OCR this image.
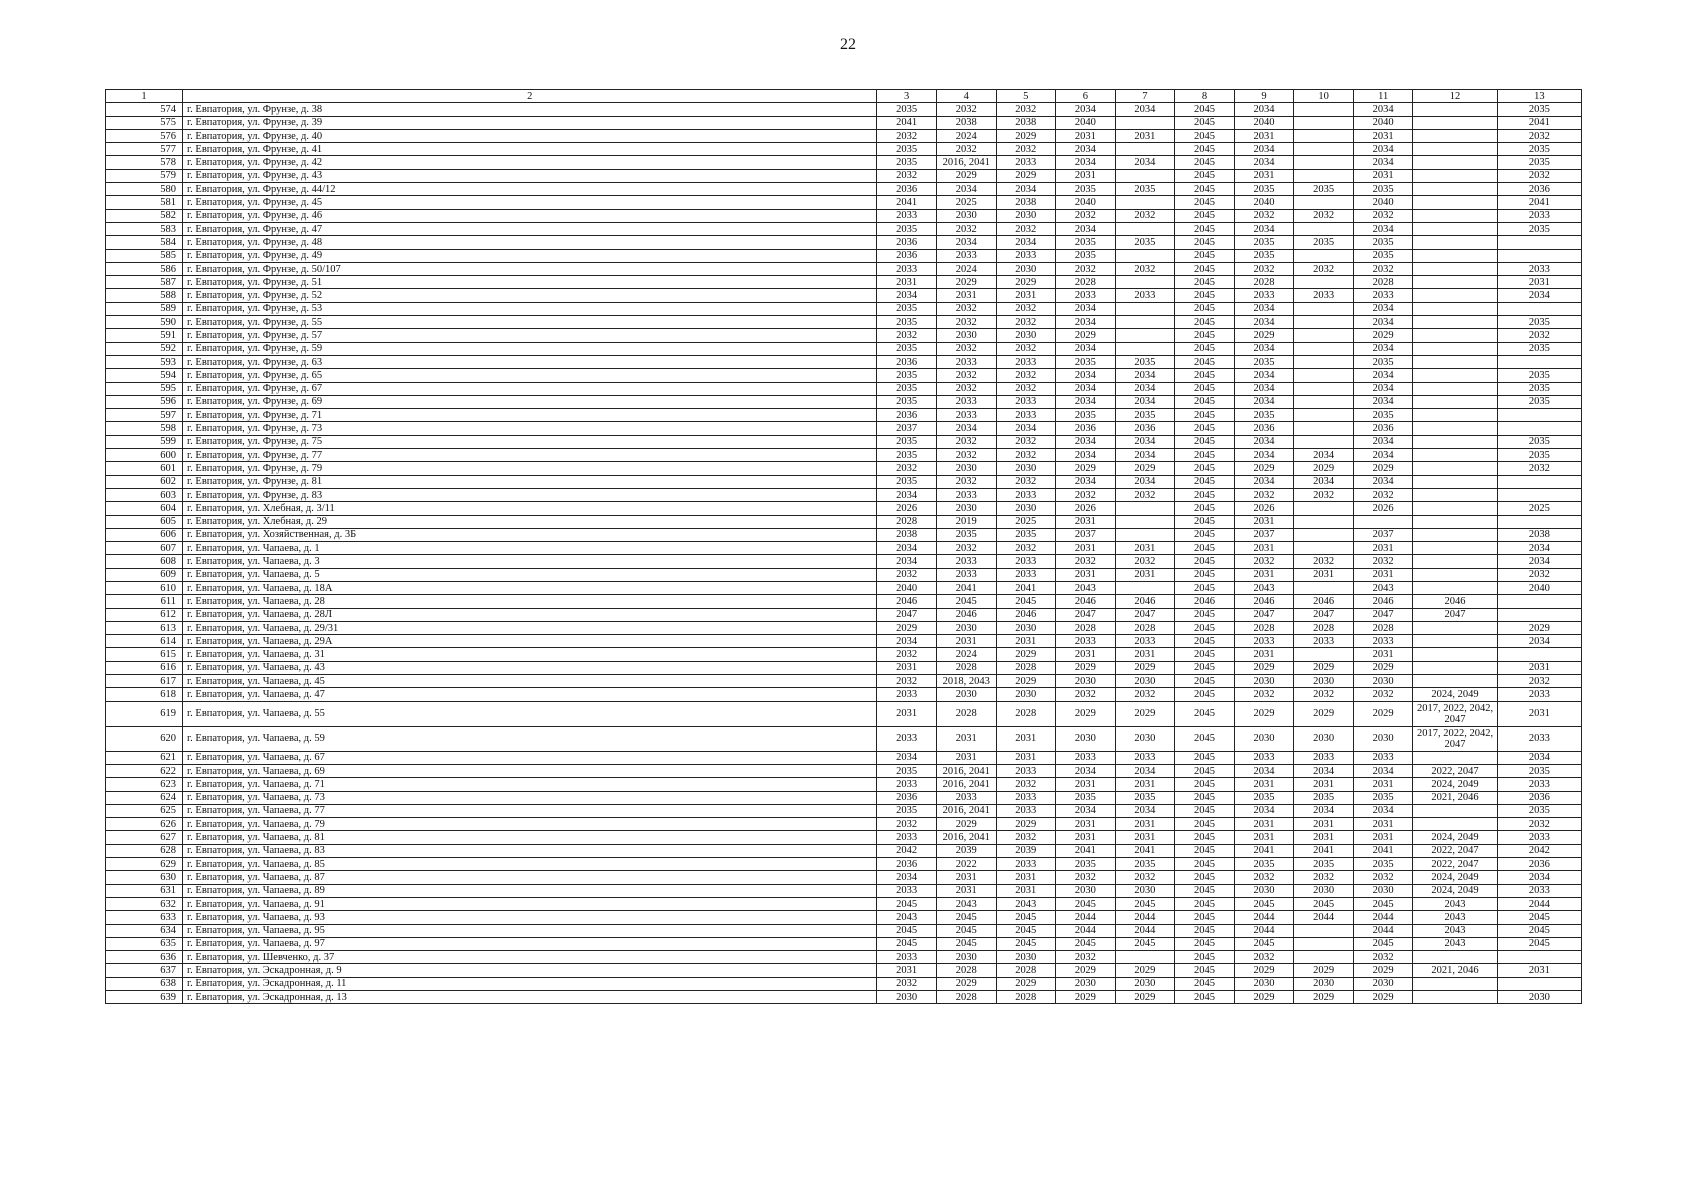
22
1	2	3	4	5	6	7	8	9	10	11	12	13
574	г. Евпатория, ул. Фрунзе, д. 38	2035	2032	2032	2034	2034	2045	2034		2034		2035
575	г. Евпатория, ул. Фрунзе, д. 39	2041	2038	2038	2040		2045	2040		2040		2041
576	г. Евпатория, ул. Фрунзе, д. 40	2032	2024	2029	2031	2031	2045	2031		2031		2032
577	г. Евпатория, ул. Фрунзе, д. 41	2035	2032	2032	2034		2045	2034		2034		2035
578	г. Евпатория, ул. Фрунзе, д. 42	2035	2016, 2041	2033	2034	2034	2045	2034		2034		2035
579	г. Евпатория, ул. Фрунзе, д. 43	2032	2029	2029	2031		2045	2031		2031		2032
580	г. Евпатория, ул. Фрунзе, д. 44/12	2036	2034	2034	2035	2035	2045	2035	2035	2035		2036
581	г. Евпатория, ул. Фрунзе, д. 45	2041	2025	2038	2040		2045	2040		2040		2041
582	г. Евпатория, ул. Фрунзе, д. 46	2033	2030	2030	2032	2032	2045	2032	2032	2032		2033
583	г. Евпатория, ул. Фрунзе, д. 47	2035	2032	2032	2034		2045	2034		2034		2035
584	г. Евпатория, ул. Фрунзе, д. 48	2036	2034	2034	2035	2035	2045	2035	2035	2035		
585	г. Евпатория, ул. Фрунзе, д. 49	2036	2033	2033	2035		2045	2035		2035		
586	г. Евпатория, ул. Фрунзе, д. 50/107	2033	2024	2030	2032	2032	2045	2032	2032	2032		2033
587	г. Евпатория, ул. Фрунзе, д. 51	2031	2029	2029	2028		2045	2028		2028		2031
588	г. Евпатория, ул. Фрунзе, д. 52	2034	2031	2031	2033	2033	2045	2033	2033	2033		2034
589	г. Евпатория, ул. Фрунзе, д. 53	2035	2032	2032	2034		2045	2034		2034		
590	г. Евпатория, ул. Фрунзе, д. 55	2035	2032	2032	2034		2045	2034		2034		2035
591	г. Евпатория, ул. Фрунзе, д. 57	2032	2030	2030	2029		2045	2029		2029		2032
592	г. Евпатория, ул. Фрунзе, д. 59	2035	2032	2032	2034		2045	2034		2034		2035
593	г. Евпатория, ул. Фрунзе, д. 63	2036	2033	2033	2035	2035	2045	2035		2035		
594	г. Евпатория, ул. Фрунзе, д. 65	2035	2032	2032	2034	2034	2045	2034		2034		2035
595	г. Евпатория, ул. Фрунзе, д. 67	2035	2032	2032	2034	2034	2045	2034		2034		2035
596	г. Евпатория, ул. Фрунзе, д. 69	2035	2033	2033	2034	2034	2045	2034		2034		2035
597	г. Евпатория, ул. Фрунзе, д. 71	2036	2033	2033	2035	2035	2045	2035		2035		
598	г. Евпатория, ул. Фрунзе, д. 73	2037	2034	2034	2036	2036	2045	2036		2036		
599	г. Евпатория, ул. Фрунзе, д. 75	2035	2032	2032	2034	2034	2045	2034		2034		2035
600	г. Евпатория, ул. Фрунзе, д. 77	2035	2032	2032	2034	2034	2045	2034	2034	2034		2035
601	г. Евпатория, ул. Фрунзе, д. 79	2032	2030	2030	2029	2029	2045	2029	2029	2029		2032
602	г. Евпатория, ул. Фрунзе, д. 81	2035	2032	2032	2034	2034	2045	2034	2034	2034		
603	г. Евпатория, ул. Фрунзе, д. 83	2034	2033	2033	2032	2032	2045	2032	2032	2032		
604	г. Евпатория, ул. Хлебная, д. 3/11	2026	2030	2030	2026		2045	2026		2026		2025
605	г. Евпатория, ул. Хлебная, д. 29	2028	2019	2025	2031		2045	2031				
606	г. Евпатория, ул. Хозяйственная, д. 3Б	2038	2035	2035	2037		2045	2037		2037		2038
607	г. Евпатория, ул. Чапаева, д. 1	2034	2032	2032	2031	2031	2045	2031		2031		2034
608	г. Евпатория, ул. Чапаева, д. 3	2034	2033	2033	2032	2032	2045	2032	2032	2032		2034
609	г. Евпатория, ул. Чапаева, д. 5	2032	2033	2033	2031	2031	2045	2031	2031	2031		2032
610	г. Евпатория, ул. Чапаева, д. 18А	2040	2041	2041	2043		2045	2043		2043		2040
611	г. Евпатория, ул. Чапаева, д. 28	2046	2045	2045	2046	2046	2046	2046	2046	2046	2046	
612	г. Евпатория, ул. Чапаева, д. 28Л	2047	2046	2046	2047	2047	2045	2047	2047	2047	2047	
613	г. Евпатория, ул. Чапаева, д. 29/31	2029	2030	2030	2028	2028	2045	2028	2028	2028		2029
614	г. Евпатория, ул. Чапаева, д. 29А	2034	2031	2031	2033	2033	2045	2033	2033	2033		2034
615	г. Евпатория, ул. Чапаева, д. 31	2032	2024	2029	2031	2031	2045	2031		2031		
616	г. Евпатория, ул. Чапаева, д. 43	2031	2028	2028	2029	2029	2045	2029	2029	2029		2031
617	г. Евпатория, ул. Чапаева, д. 45	2032	2018, 2043	2029	2030	2030	2045	2030	2030	2030		2032
618	г. Евпатория, ул. Чапаева, д. 47	2033	2030	2030	2032	2032	2045	2032	2032	2032	2024, 2049	2033
619	г. Евпатория, ул. Чапаева, д. 55	2031	2028	2028	2029	2029	2045	2029	2029	2029	2017, 2022, 2042, 2047	2031
620	г. Евпатория, ул. Чапаева, д. 59	2033	2031	2031	2030	2030	2045	2030	2030	2030	2017, 2022, 2042, 2047	2033
621	г. Евпатория, ул. Чапаева, д. 67	2034	2031	2031	2033	2033	2045	2033	2033	2033		2034
622	г. Евпатория, ул. Чапаева, д. 69	2035	2016, 2041	2033	2034	2034	2045	2034	2034	2034	2022, 2047	2035
623	г. Евпатория, ул. Чапаева, д. 71	2033	2016, 2041	2032	2031	2031	2045	2031	2031	2031	2024, 2049	2033
624	г. Евпатория, ул. Чапаева, д. 73	2036	2033	2033	2035	2035	2045	2035	2035	2035	2021, 2046	2036
625	г. Евпатория, ул. Чапаева, д. 77	2035	2016, 2041	2033	2034	2034	2045	2034	2034	2034		2035
626	г. Евпатория, ул. Чапаева, д. 79	2032	2029	2029	2031	2031	2045	2031	2031	2031		2032
627	г. Евпатория, ул. Чапаева, д. 81	2033	2016, 2041	2032	2031	2031	2045	2031	2031	2031	2024, 2049	2033
628	г. Евпатория, ул. Чапаева, д. 83	2042	2039	2039	2041	2041	2045	2041	2041	2041	2022, 2047	2042
629	г. Евпатория, ул. Чапаева, д. 85	2036	2022	2033	2035	2035	2045	2035	2035	2035	2022, 2047	2036
630	г. Евпатория, ул. Чапаева, д. 87	2034	2031	2031	2032	2032	2045	2032	2032	2032	2024, 2049	2034
631	г. Евпатория, ул. Чапаева, д. 89	2033	2031	2031	2030	2030	2045	2030	2030	2030	2024, 2049	2033
632	г. Евпатория, ул. Чапаева, д. 91	2045	2043	2043	2045	2045	2045	2045	2045	2045	2043	2044
633	г. Евпатория, ул. Чапаева, д. 93	2043	2045	2045	2044	2044	2045	2044	2044	2044	2043	2045
634	г. Евпатория, ул. Чапаева, д. 95	2045	2045	2045	2044	2044	2045	2044		2044	2043	2045
635	г. Евпатория, ул. Чапаева, д. 97	2045	2045	2045	2045	2045	2045	2045		2045	2043	2045
636	г. Евпатория, ул. Шевченко, д. 37	2033	2030	2030	2032		2045	2032		2032		
637	г. Евпатория, ул. Эскадронная, д. 9	2031	2028	2028	2029	2029	2045	2029	2029	2029	2021, 2046	2031
638	г. Евпатория, ул. Эскадронная, д. 11	2032	2029	2029	2030	2030	2045	2030	2030	2030		
639	г. Евпатория, ул. Эскадронная, д. 13	2030	2028	2028	2029	2029	2045	2029	2029	2029		2030
